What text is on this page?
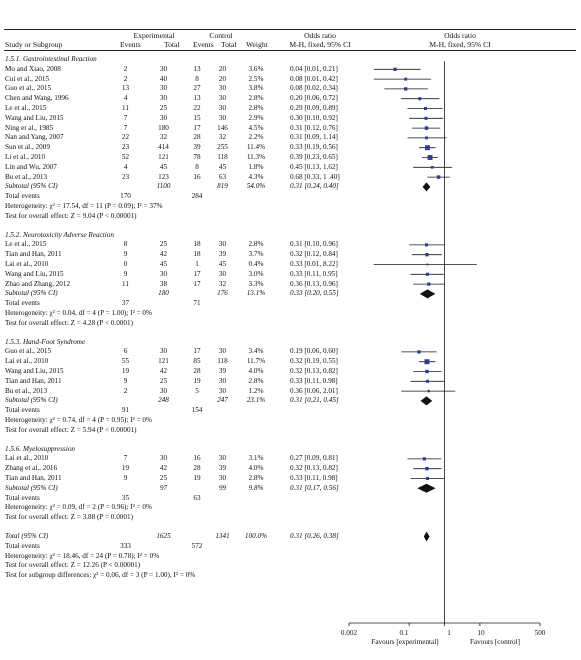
Study or Subgroup
Experimental	Control
Events	Total Events Total Weight
Odds ratio
M-H, fixed, 95% CI
Odds ratio
M-H, fixed, 95% CI
1.5.1. Gastrointestinal Reaction
Mo and Xiao, 2008	2	30	13	20	3.6%	0.04 [0.01, 0.21]
Cui et al., 2015	2	40	8	20	2.5%	0.08 [0.01, 0.42]
Guo et al., 2015	13	30	27	30	3.8%	0.08 [0.02, 0.34]
Chen and Wang, 1996	4	30	13	30	2.8%	0.20 [0.06, 0.72]
Le et al., 2015	11	25	22	30	2.8%	0.29 [0.09, 0.89]
Wang and Liu, 2015	7	30	15	30	2.9%	0.30 [0.10, 0.92]
Ning et al., 1985	7	180	17	146	4.5%	0.31 [0.12, 0.76]
Nan and Yang, 2007	22	32	28	32	2.2%	0.31 [0.09, 1.14]
Sun et al., 2009	23	414	39	255	11.4%	0.33 [0.19, 0.56]
Li et al., 2010	52	121	78	118	11.3%	0.39 [0.23, 0.65]
Lin and Wu, 2007	4	45	8	45	1.8%	0.45 [0.13, 1.62]
Bu et al., 2013	23	123	16	63	4.3%	0.68 [0.33, 1 .40]
Subtotal (95% CI)	1100	819	54.0%	0.31 [0.24, 0.40]
Total events	170	284
Heterogeneity: χ² = 17.54, df = 11 (P = 0.09); I² = 37%
Test for overall effect: Z = 9.04 (P < 0.00001)
1.5.2. Neurotoxicity Adverse Reaction
Le et al., 2015	8	25	18	30	2.8%	0.31 [0.10, 0.96]
Tian and Han, 2011	9	42	18	39	3.7%	0.32 [0.12, 0.84]
Lai et al., 2010	0	45	1	45	0.4%	0.33 [0.01, 8.22]
Wang and Liu, 2015	9	30	17	30	3.0%	0.33 [0.11, 0.95]
Zhao and Zhang, 2012	11	38	17	32	3.3%	0.36 [0.13, 0.96]
Subtotal (95% CI)	180	176	13.1%	0.33 [0.20, 0.55]
Total events	37	71
Heterogeneity: χ² = 0.04, df = 4 (P = 1.00); I² = 0%
Test for overall effect: Z = 4.28 (P < 0.0001)
1.5.3. Hand-Foot Syndrome
Guo et al., 2015	6	30	17	30	3.4%	0.19 [0.06, 0.60]
Lai et al., 2010	55	121	85	118	11.7%	0.32 [0.19, 0.55]
Wang and Liu, 2015	19	42	28	39	4.0%	0.32 [0.13, 0.82]
Tian and Han, 2011	9	25	19	30	2.8%	0.33 [0.11, 0.98]
Bu et al., 2013	2	30	5	30	1.2%	0.36 [0.06, 2.01]
Subtotal (95% CI)	248	247	23.1%	0.31 [0.21, 0.45]
Total events	91	154
Heterogeneity: χ² = 0.74, df = 4 (P = 0.95); I² = 0%
Test for overall effect: Z = 5.94 (P < 0.00001)
1.5.6. Myelosuppression
Lai et al., 2010	7	30	16	30	3.1%	0.27 [0.09, 0.81]
Zhang et al., 2016	19	42	28	39	4.0%	0.32 [0.13, 0.82]
Tian and Han, 2011	9	25	19	30	2.8%	0.33 [0.11, 0.98]
Subtotal (95% CI)	97	99	9.8%	0.31 [0.17, 0.56]
Total events	35	63
Heterogeneity: χ² = 0.09, df = 2 (P = 0.96); I² = 0%
Test for overall effect: Z = 3.88 (P = 0.0001)
Total (95% CI)	1625	1341	100.0%	0.31 [0.26, 0.38]
Total events	333	572
Heterogeneity: χ² = 18.46, df = 24 (P = 0.78); I² = 0%
Test for overall effect: Z = 12.26 (P < 0.00001)
Test for subgroup differences: χ² = 0.06, df = 3 (P = 1.00), I² = 0%
0.002	0.1	1	10	500
Favours [experimental]	Favours [control]
